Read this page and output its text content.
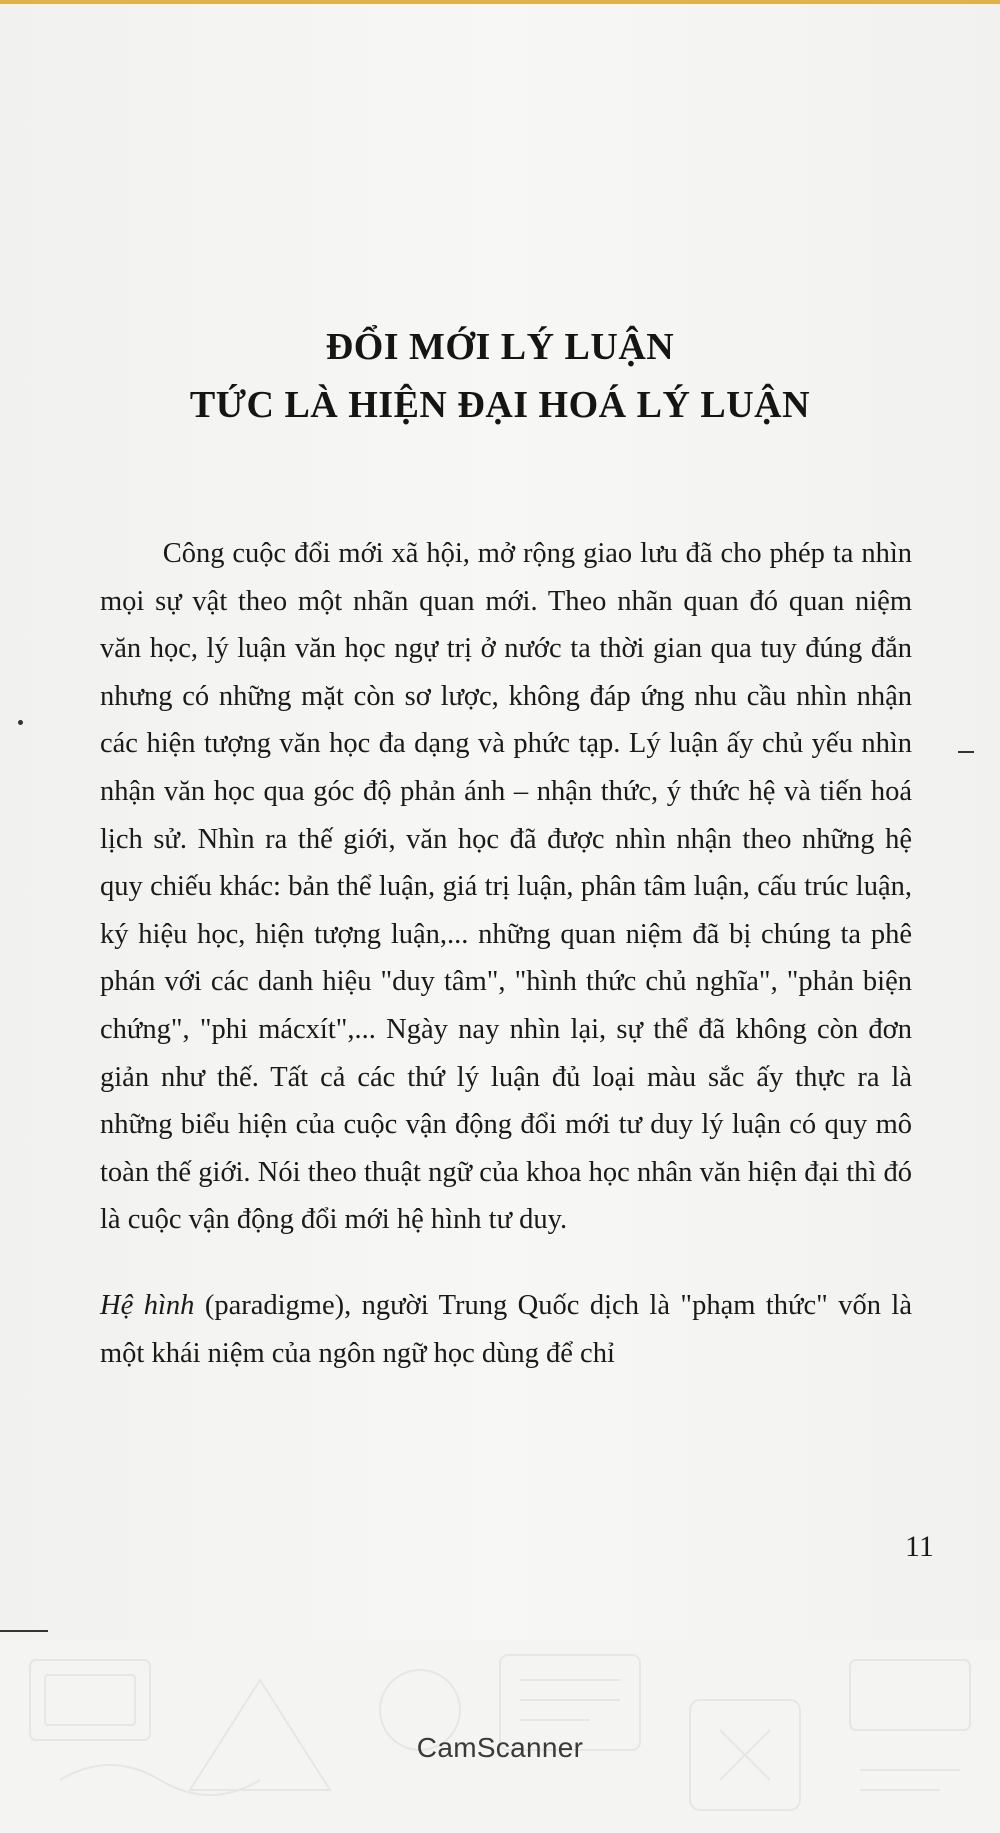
ĐỔI MỚI LÝ LUẬN
TỨC LÀ HIỆN ĐẠI HOÁ LÝ LUẬN

Công cuộc đổi mới xã hội, mở rộng giao lưu đã cho phép ta nhìn mọi sự vật theo một nhãn quan mới. Theo nhãn quan đó quan niệm văn học, lý luận văn học ngự trị ở nước ta thời gian qua tuy đúng đắn nhưng có những mặt còn sơ lược, không đáp ứng nhu cầu nhìn nhận các hiện tượng văn học đa dạng và phức tạp. Lý luận ấy chủ yếu nhìn nhận văn học qua góc độ phản ánh – nhận thức, ý thức hệ và tiến hoá lịch sử. Nhìn ra thế giới, văn học đã được nhìn nhận theo những hệ quy chiếu khác: bản thể luận, giá trị luận, phân tâm luận, cấu trúc luận, ký hiệu học, hiện tượng luận,... những quan niệm đã bị chúng ta phê phán với các danh hiệu "duy tâm", "hình thức chủ nghĩa", "phản biện chứng", "phi mácxít",... Ngày nay nhìn lại, sự thể đã không còn đơn giản như thế. Tất cả các thứ lý luận đủ loại màu sắc ấy thực ra là những biểu hiện của cuộc vận động đổi mới tư duy lý luận có quy mô toàn thế giới. Nói theo thuật ngữ của khoa học nhân văn hiện đại thì đó là cuộc vận động đổi mới hệ hình tư duy.

Hệ hình (paradigme), người Trung Quốc dịch là "phạm thức" vốn là một khái niệm của ngôn ngữ học dùng để chỉ

11
CamScanner
